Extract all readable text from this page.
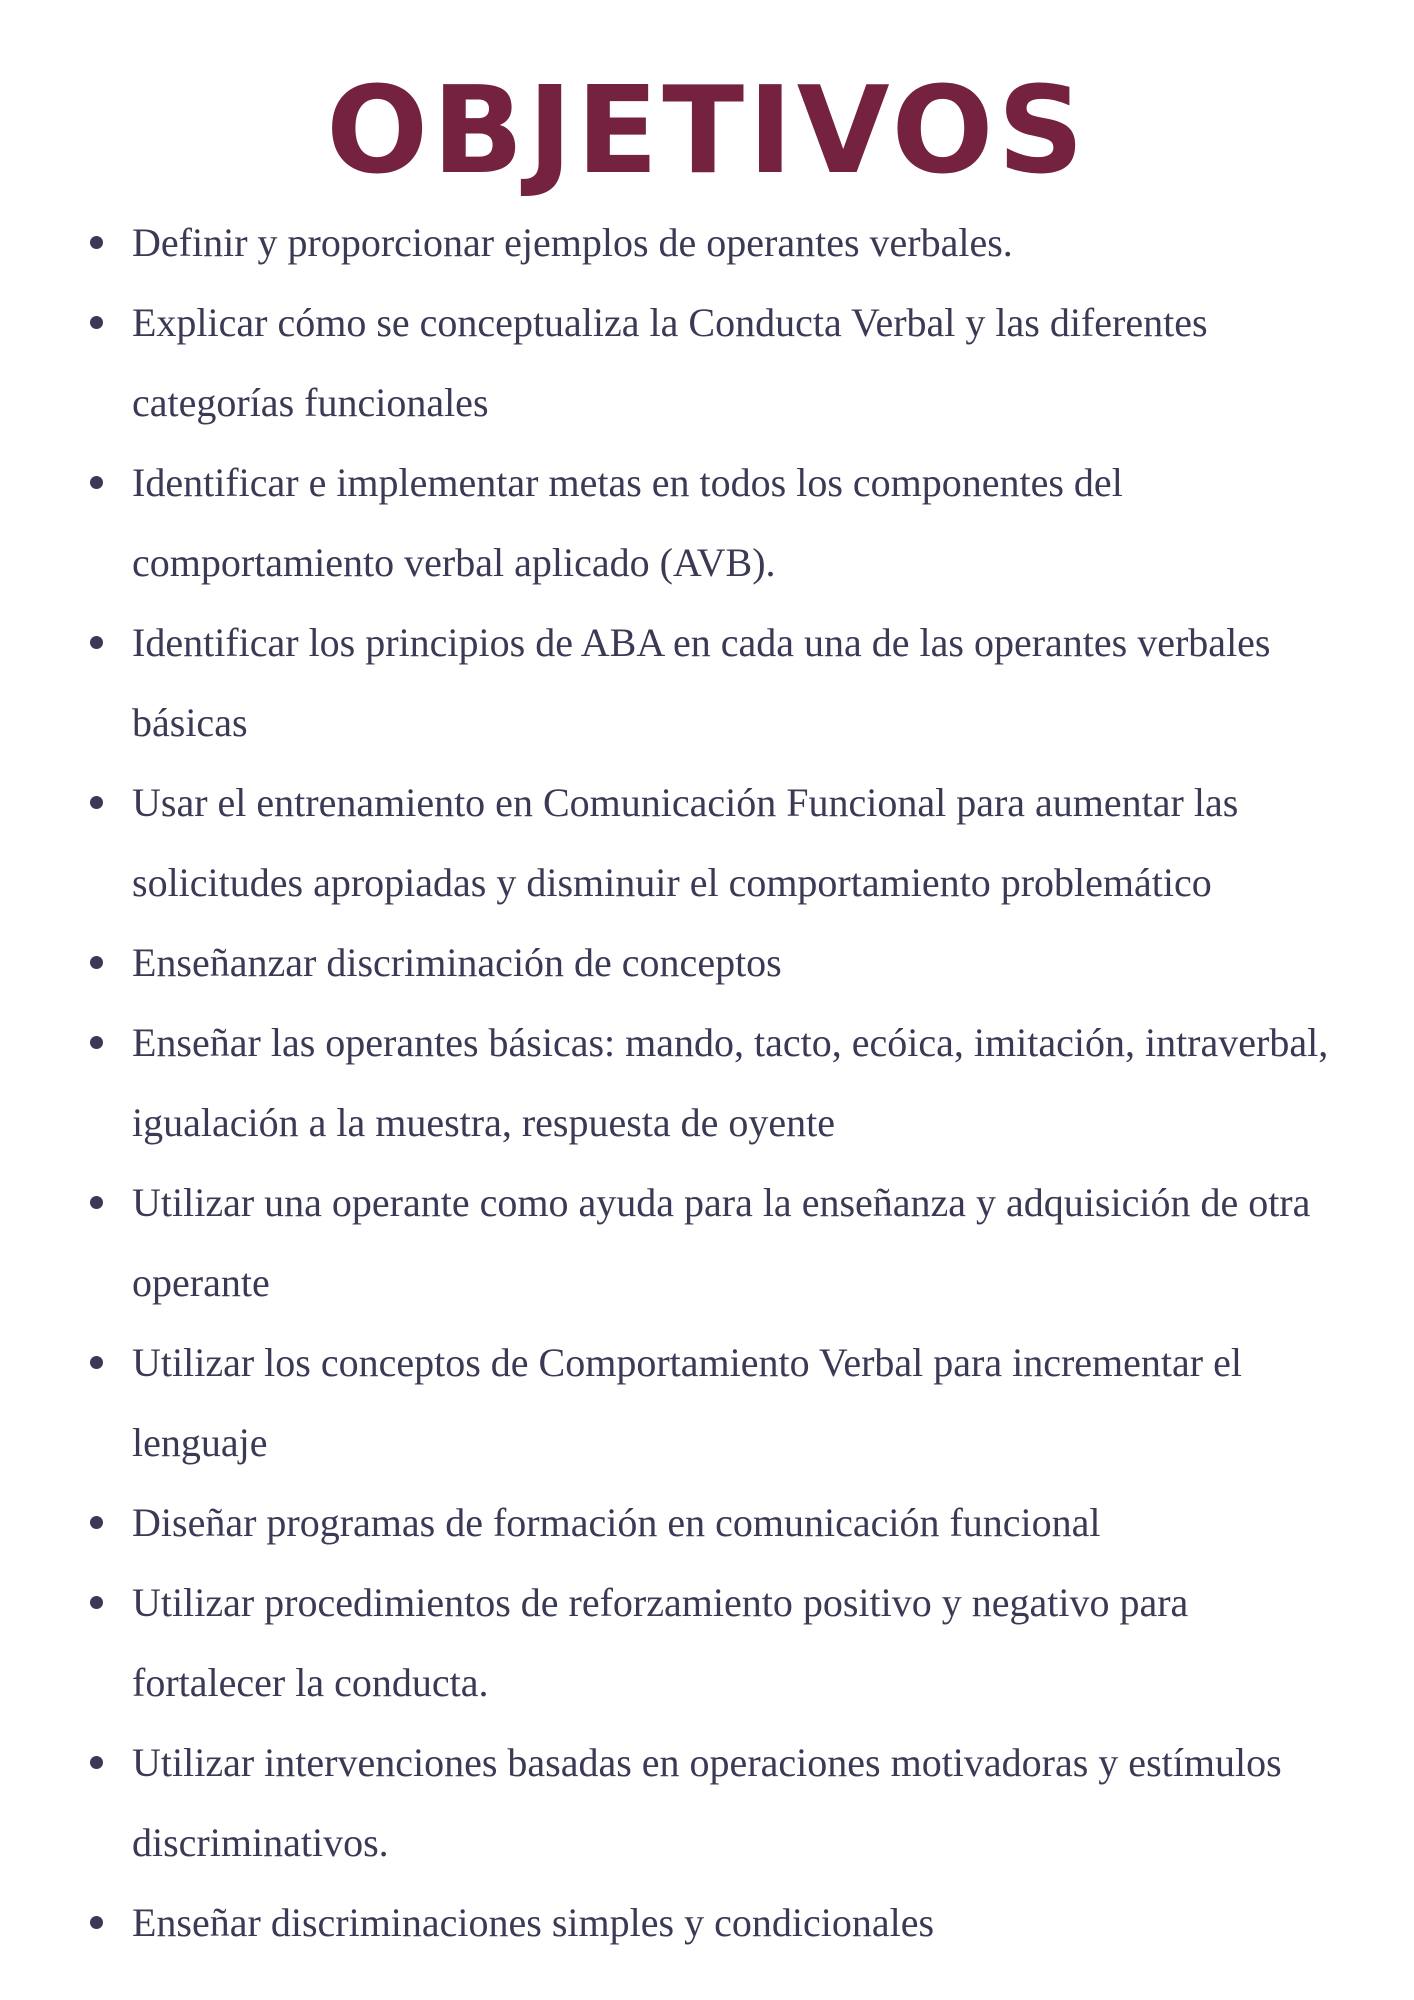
OBJETIVOS
Definir y proporcionar ejemplos de operantes verbales.
Explicar cómo se conceptualiza la Conducta Verbal y las diferentes categorías funcionales
Identificar e implementar metas en todos los componentes del comportamiento verbal aplicado (AVB).
Identificar los principios de ABA en cada una de las operantes verbales básicas
Usar el entrenamiento en Comunicación Funcional para aumentar las solicitudes apropiadas y disminuir el comportamiento problemático
Enseñanzar discriminación de conceptos
Enseñar las operantes básicas: mando, tacto, ecóica, imitación, intraverbal, igualación a la muestra, respuesta de oyente
Utilizar una operante como ayuda para la enseñanza y adquisición de otra operante
Utilizar los conceptos de Comportamiento Verbal para incrementar el lenguaje
Diseñar programas de formación en comunicación funcional
Utilizar procedimientos de reforzamiento positivo y negativo para fortalecer la conducta.
Utilizar intervenciones basadas en operaciones motivadoras y estímulos discriminativos.
Enseñar discriminaciones simples y condicionales
